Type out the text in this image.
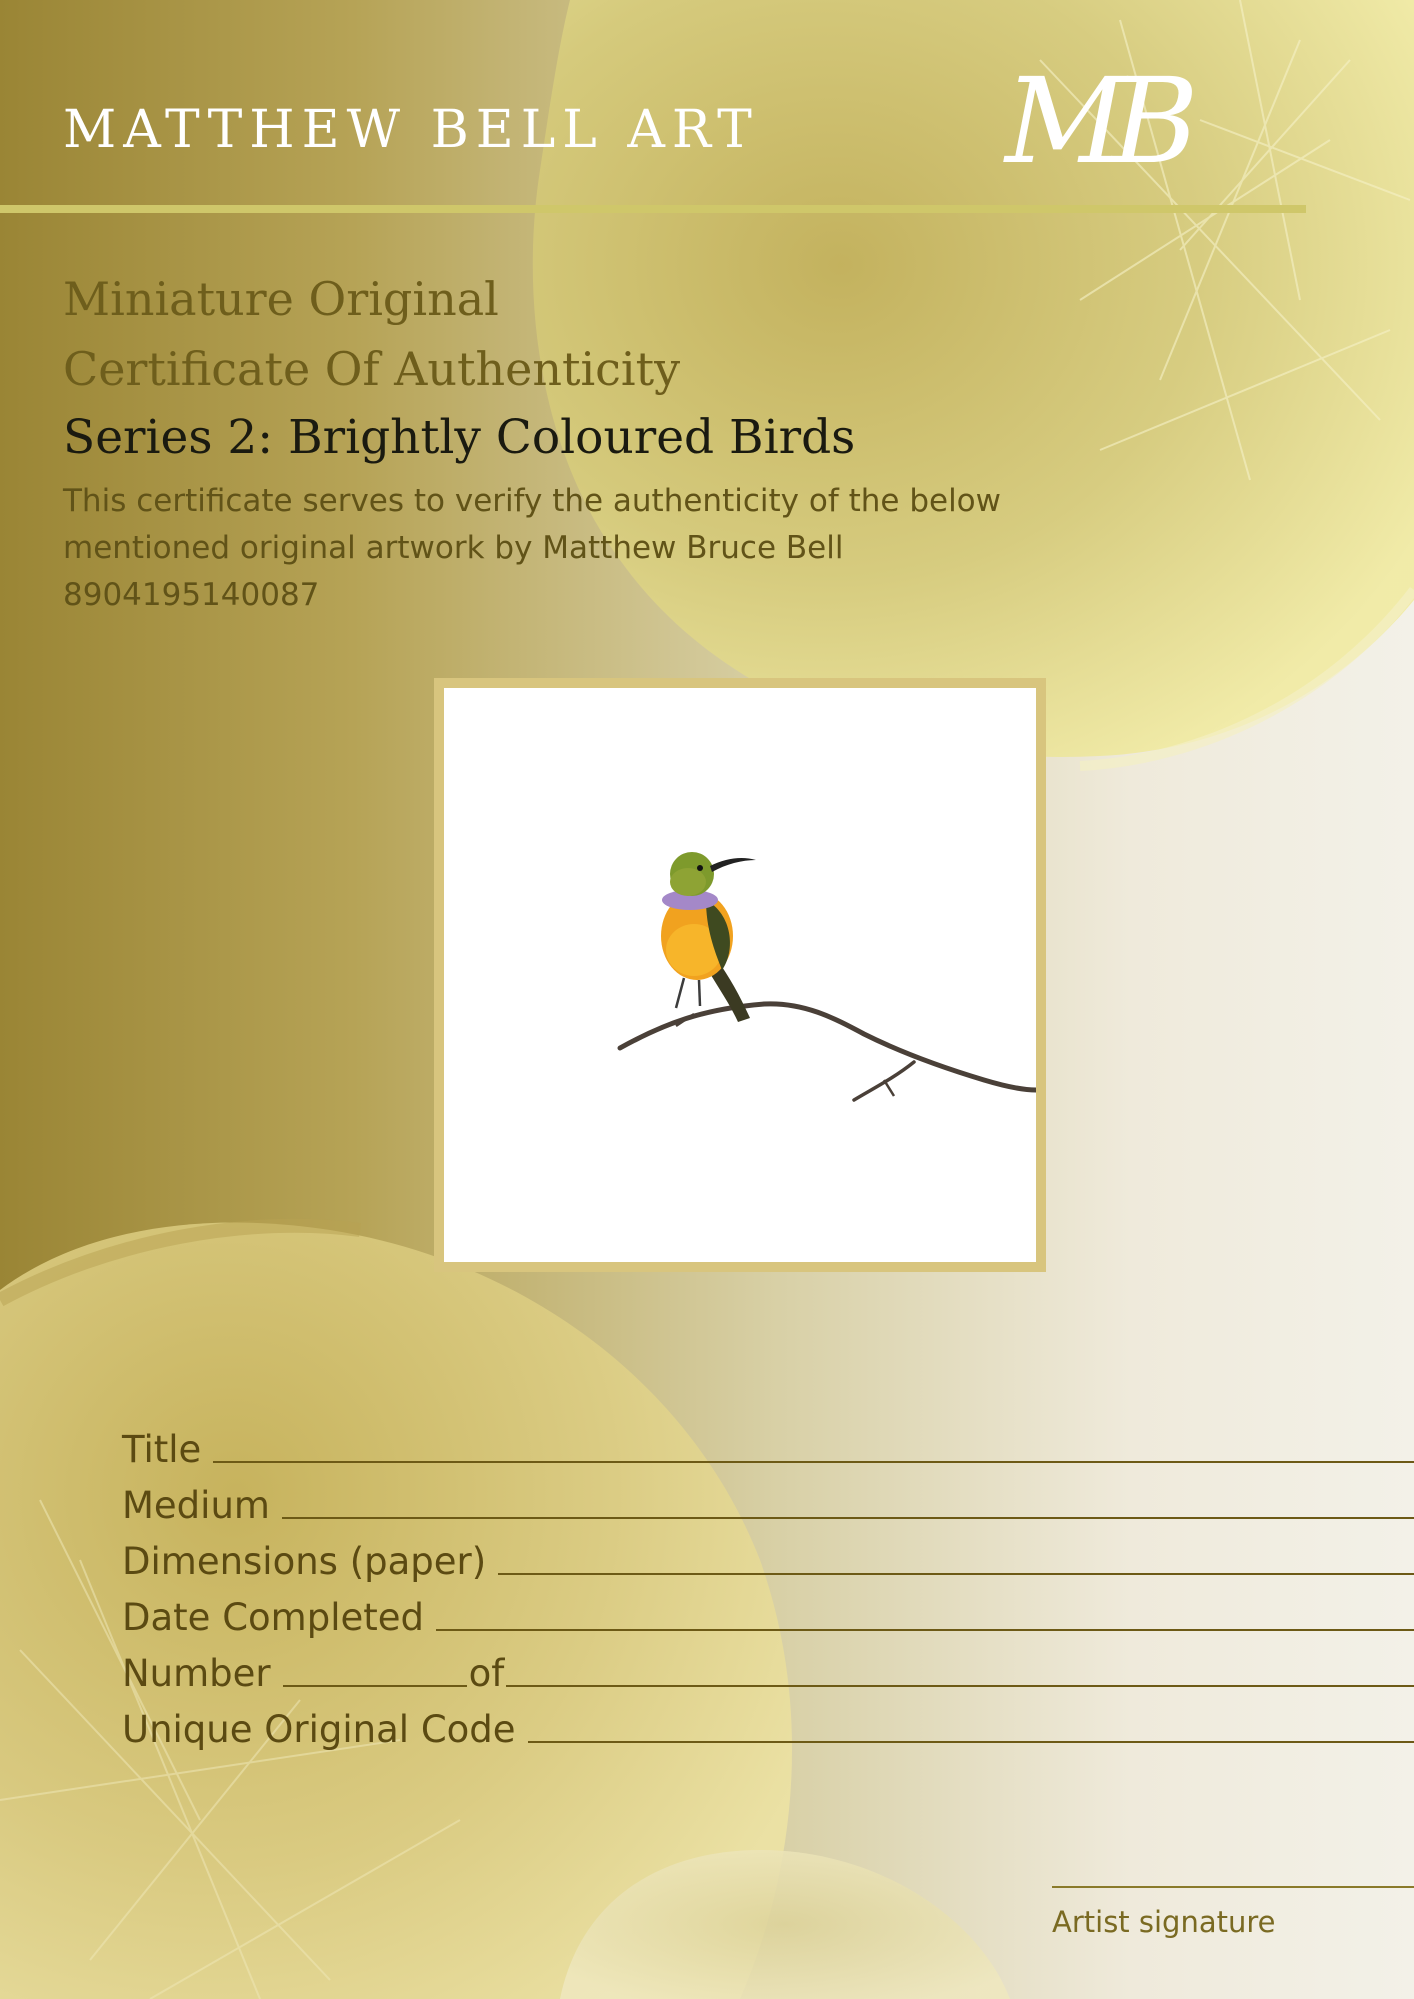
MATTHEW BELL ART MB
Miniature Original
Certificate Of Authenticity
Series 2: Brightly Coloured Birds

This certificate serves to verify the authenticity of the below
mentioned original artwork by Matthew Bruce Bell
8904195140087

Title
Medium
Dimensions (paper)
Date Completed
Number	of
Unique Original Code
Artist signature
